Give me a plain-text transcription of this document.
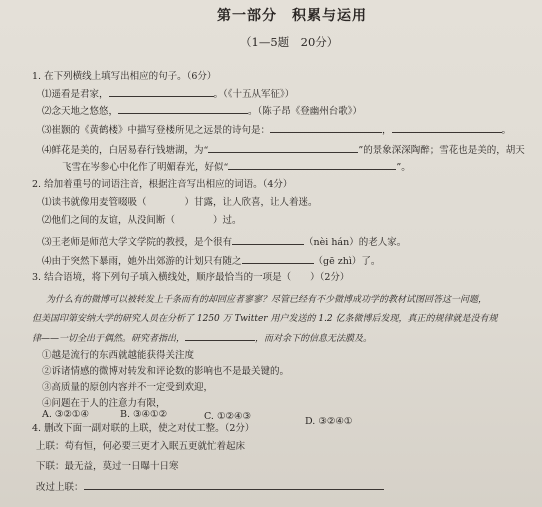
第一部分　积累与运用
（1—5题　20分）
1. 在下列横线上填写出相应的句子。（6分）
⑴遥看是君家，	。（《十五从军征》）
⑵念天地之悠悠，	。（陈子昂《登幽州台歌》）
⑶崔颢的《黄鹤楼》中描写登楼所见之远景的诗句是：	，	。
⑷鲜花是美的，白居易春行钱塘湖，为“	”的景象深深陶醉；雪花也是美的，胡天
飞雪在岑参心中化作了明媚春光，好似“	”。
2. 给加着重号的词语注音，根据注音写出相应的词语。（4分）
⑴读书就像用麦管啜吸（　　　　）甘露，让人欣喜，让人着迷。
⑵他们之间的友谊，从没间断（　　　　）过。
⑶王老师是师范大学文学院的教授，是个很有	（nèi hán）的老人家。
⑷由于突然下暴雨，她外出郊游的计划只有随之	（gē zhì）了。
3. 结合语境，将下列句子填入横线处，顺序最恰当的一项是（　　）（2分）
为什么有的微博可以被转发上千条而有的却回应者寥寥？尽管已经有不少微博成功学的教材试图回答这一问题，
但美国印第安纳大学的研究人员在分析了 1250 万 Twitter 用户发送的 1.2 亿条微博后发现，真正的规律就是没有规
律——一切全出于偶然。研究者指出，	，而对余下的信息无法膜及。
①越是流行的东西就越能获得关注度
②诉诸情感的微博对转发和评论数的影响也不是最关键的。
③高质量的原创内容并不一定受到欢迎，
④问题在于人的注意力有限，
A. ③②①④	B. ③④①②	C. ①②④③	D. ③②④①
4. 删改下面一副对联的上联，使之对仗工整。（2分）
上联：苟有恒，何必要三更才入眠五更就忙着起床
下联：最无益，莫过一日曝十日寒
改过上联：
